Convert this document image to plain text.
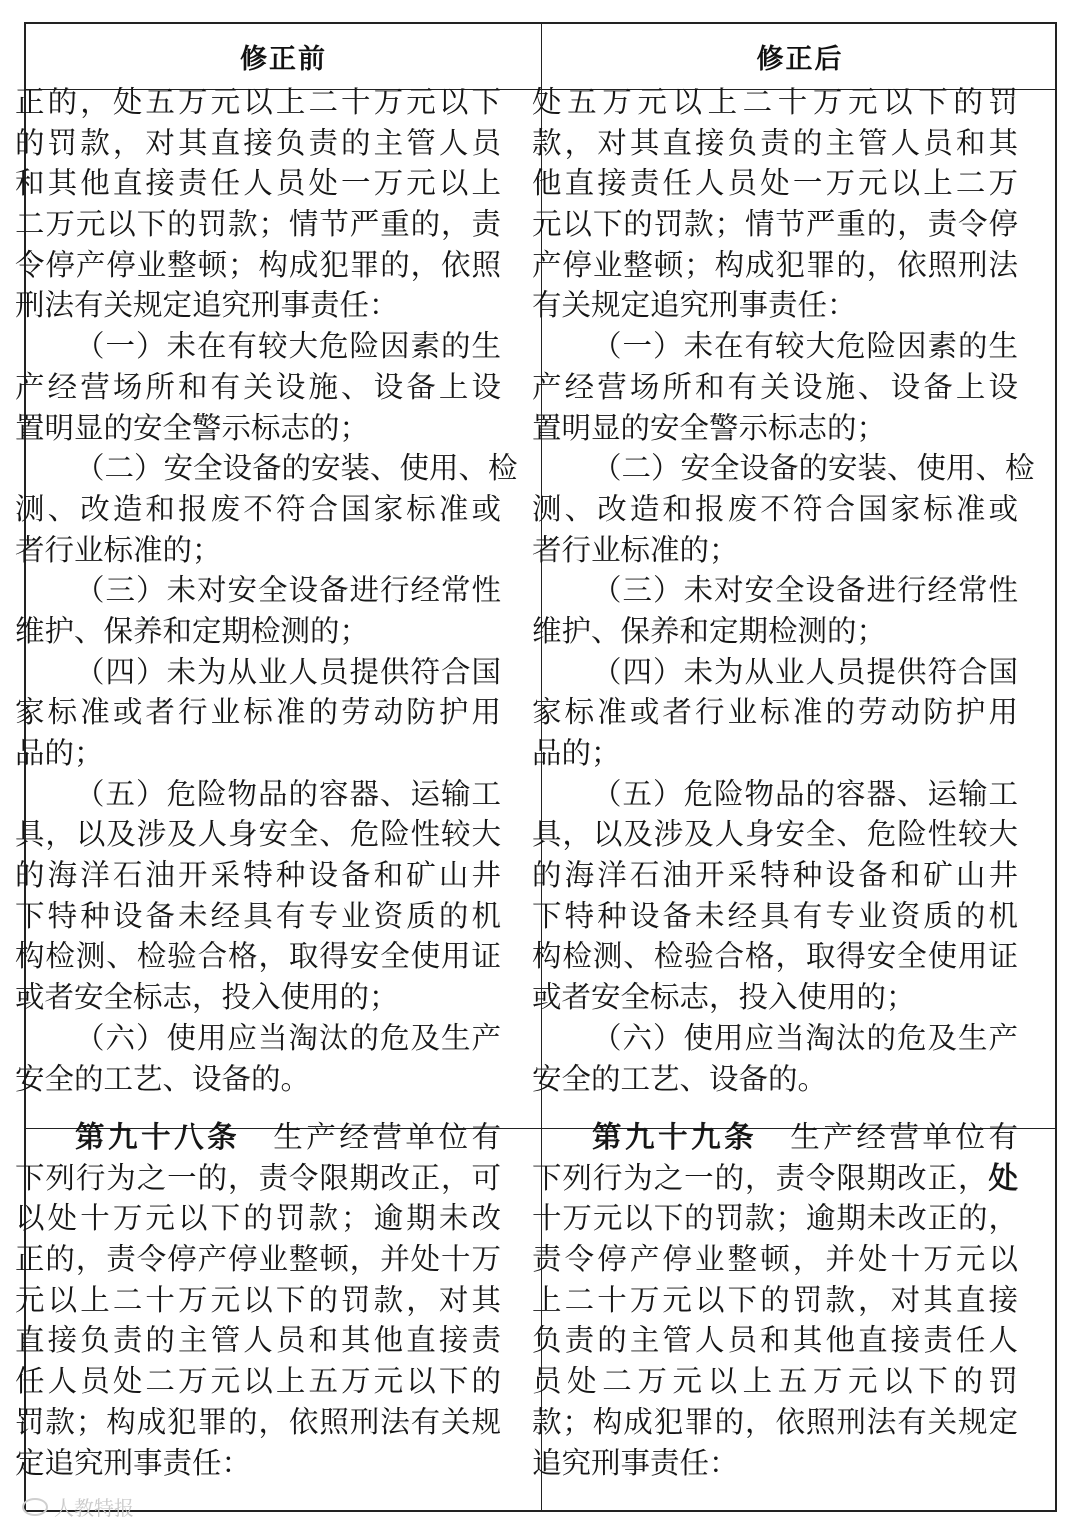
修正前	修正后
正的，处五万元以上二十万元以下
的罚款，对其直接负责的主管人员
和其他直接责任人员处一万元以上
二万元以下的罚款；情节严重的，责
令停产停业整顿；构成犯罪的，依照
刑法有关规定追究刑事责任：
（一）未在有较大危险因素的生
产经营场所和有关设施、设备上设
置明显的安全警示标志的；
（二）安全设备的安装、使用、检
测、改造和报废不符合国家标准或
者行业标准的；
（三）未对安全设备进行经常性
维护、保养和定期检测的；
（四）未为从业人员提供符合国
家标准或者行业标准的劳动防护用
品的；
（五）危险物品的容器、运输工
具，以及涉及人身安全、危险性较大
的海洋石油开采特种设备和矿山井
下特种设备未经具有专业资质的机
构检测、检验合格，取得安全使用证
或者安全标志，投入使用的；
（六）使用应当淘汰的危及生产
安全的工艺、设备的。
处五万元以上二十万元以下的罚
款，对其直接负责的主管人员和其
他直接责任人员处一万元以上二万
元以下的罚款；情节严重的，责令停
产停业整顿；构成犯罪的，依照刑法
有关规定追究刑事责任：
（一）未在有较大危险因素的生
产经营场所和有关设施、设备上设
置明显的安全警示标志的；
（二）安全设备的安装、使用、检
测、改造和报废不符合国家标准或
者行业标准的；
（三）未对安全设备进行经常性
维护、保养和定期检测的；
（四）未为从业人员提供符合国
家标准或者行业标准的劳动防护用
品的；
（五）危险物品的容器、运输工
具，以及涉及人身安全、危险性较大
的海洋石油开采特种设备和矿山井
下特种设备未经具有专业资质的机
构检测、检验合格，取得安全使用证
或者安全标志，投入使用的；
（六）使用应当淘汰的危及生产
安全的工艺、设备的。
第九十八条　 生产经营单位有
下列行为之一的，责令限期改正，可
以处十万元以下的罚款；逾期未改
正的，责令停产停业整顿，并处十万
元以上二十万元以下的罚款，对其
直接负责的主管人员和其他直接责
任人员处二万元以上五万元以下的
罚款；构成犯罪的，依照刑法有关规
定追究刑事责任：
第九十九条　 生产经营单位有
下列行为之一的，责令限期改正，处
十万元以下的罚款；逾期未改正的，
责令停产停业整顿，并处十万元以
上二十万元以下的罚款，对其直接
负责的主管人员和其他直接责任人
员处二万元以上五万元以下的罚
款；构成犯罪的，依照刑法有关规定
追究刑事责任：
人教特报
